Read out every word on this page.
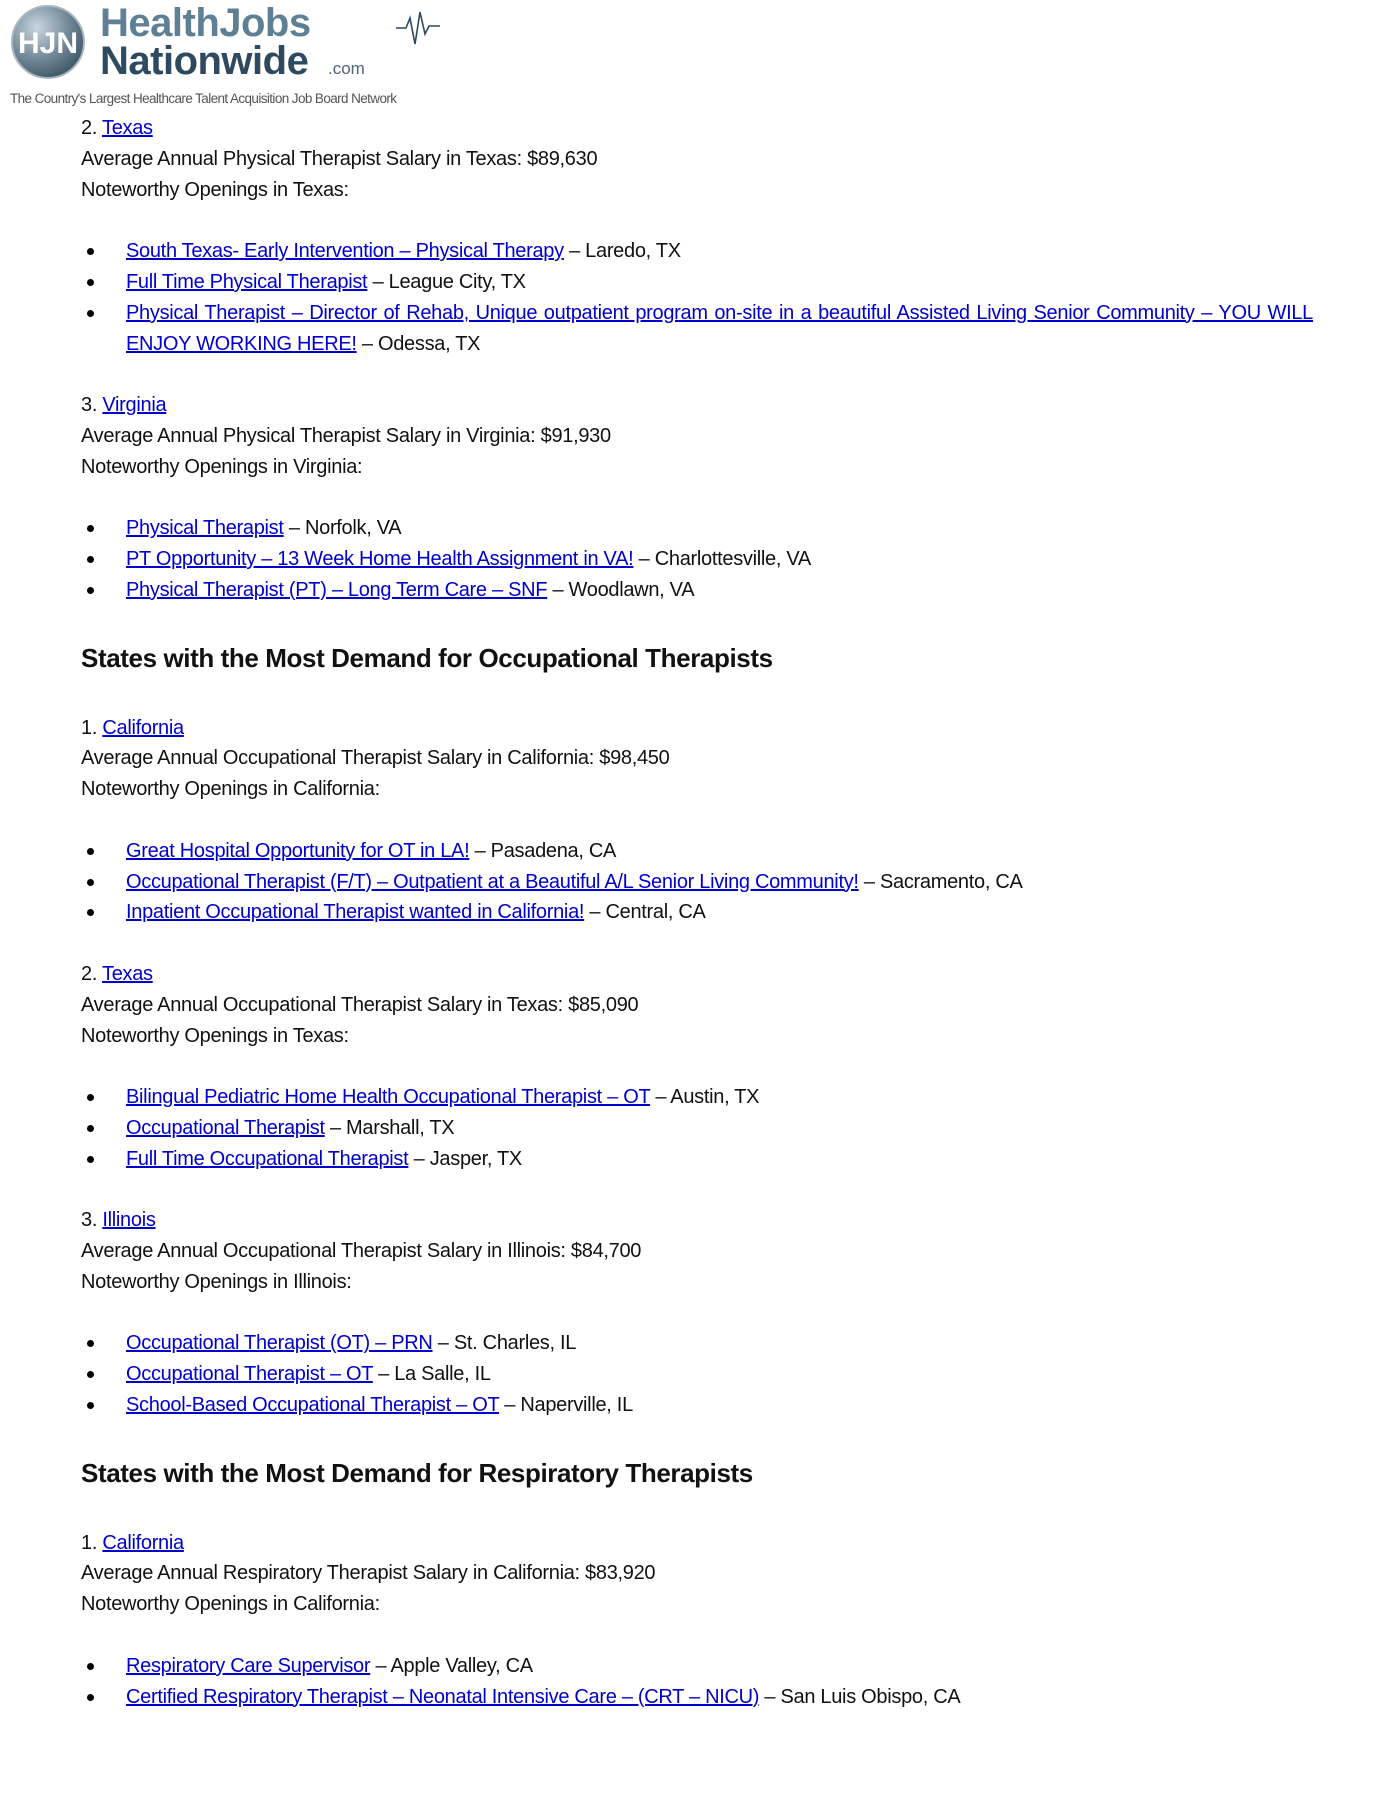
HJN HealthJobs
Nationwide .com
The Country's Largest Healthcare Talent Acquisition Job Board Network
2. Texas
Average Annual Physical Therapist Salary in Texas: $89,630
Noteworthy Openings in Texas:
South Texas- Early Intervention – Physical Therapy – Laredo, TX
Full Time Physical Therapist – League City, TX
Physical Therapist – Director of Rehab, Unique outpatient program on-site in a beautiful Assisted Living Senior Community – YOU WILL ENJOY WORKING HERE! – Odessa, TX
3. Virginia
Average Annual Physical Therapist Salary in Virginia: $91,930
Noteworthy Openings in Virginia:
Physical Therapist – Norfolk, VA
PT Opportunity – 13 Week Home Health Assignment in VA! – Charlottesville, VA
Physical Therapist (PT) – Long Term Care – SNF – Woodlawn, VA
States with the Most Demand for Occupational Therapists
1. California
Average Annual Occupational Therapist Salary in California: $98,450
Noteworthy Openings in California:
Great Hospital Opportunity for OT in LA! – Pasadena, CA
Occupational Therapist (F/T) – Outpatient at a Beautiful A/L Senior Living Community! – Sacramento, CA
Inpatient Occupational Therapist wanted in California! – Central, CA
2. Texas
Average Annual Occupational Therapist Salary in Texas: $85,090
Noteworthy Openings in Texas:
Bilingual Pediatric Home Health Occupational Therapist – OT – Austin, TX
Occupational Therapist – Marshall, TX
Full Time Occupational Therapist – Jasper, TX
3. Illinois
Average Annual Occupational Therapist Salary in Illinois: $84,700
Noteworthy Openings in Illinois:
Occupational Therapist (OT) – PRN – St. Charles, IL
Occupational Therapist – OT – La Salle, IL
School-Based Occupational Therapist – OT – Naperville, IL
States with the Most Demand for Respiratory Therapists
1. California
Average Annual Respiratory Therapist Salary in California: $83,920
Noteworthy Openings in California:
Respiratory Care Supervisor – Apple Valley, CA
Certified Respiratory Therapist – Neonatal Intensive Care – (CRT – NICU) – San Luis Obispo, CA
